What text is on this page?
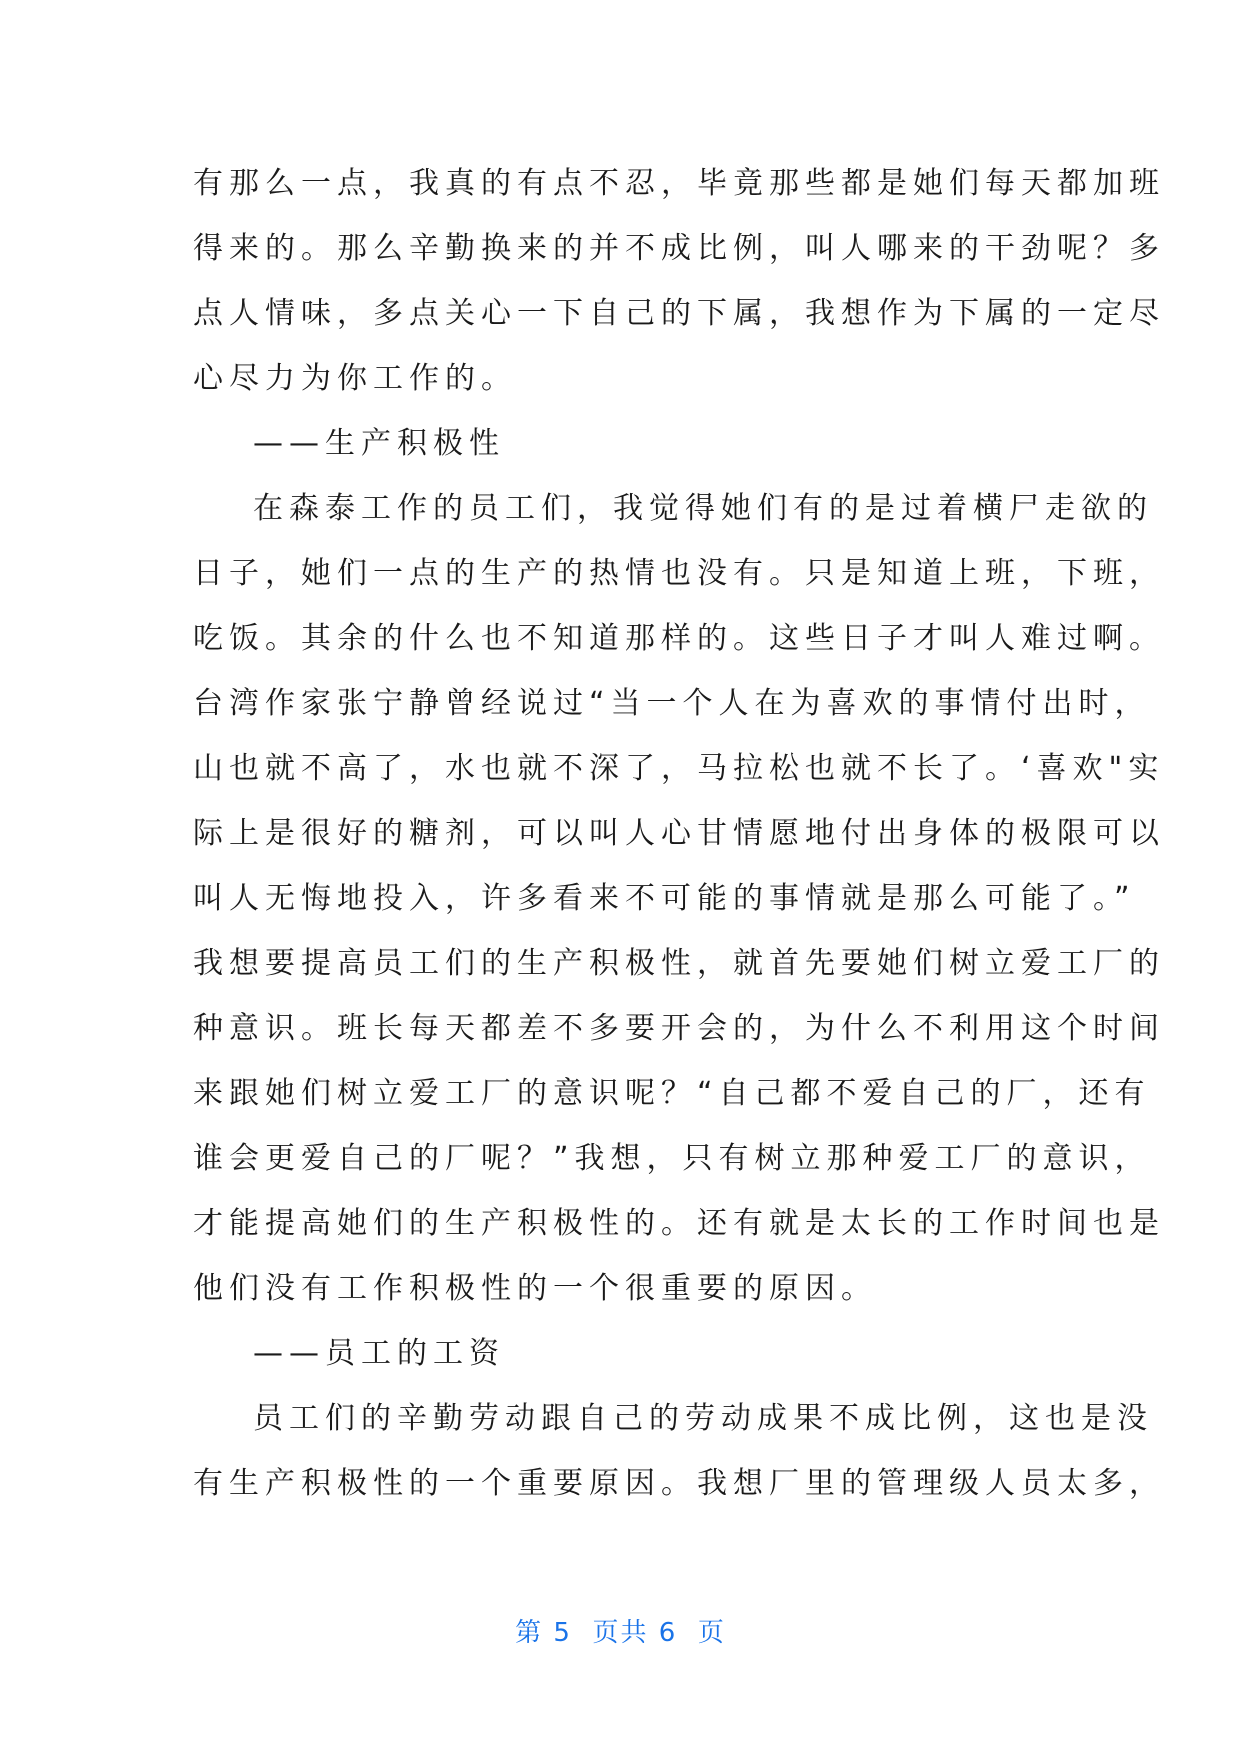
有那么一点，我真的有点不忍，毕竟那些都是她们每天都加班
得来的。那么辛勤换来的并不成比例，叫人哪来的干劲呢？多
点人情味，多点关心一下自己的下属，我想作为下属的一定尽
心尽力为你工作的。
——生产积极性
在森泰工作的员工们，我觉得她们有的是过着横尸走欲的
日子，她们一点的生产的热情也没有。只是知道上班，下班，
吃饭。其余的什么也不知道那样的。这些日子才叫人难过啊。
台湾作家张宁静曾经说过“当一个人在为喜欢的事情付出时，
山也就不高了，水也就不深了，马拉松也就不长了。‘喜欢"实
际上是很好的糖剂，可以叫人心甘情愿地付出身体的极限可以
叫人无悔地投入，许多看来不可能的事情就是那么可能了。”
我想要提高员工们的生产积极性，就首先要她们树立爱工厂的
种意识。班长每天都差不多要开会的，为什么不利用这个时间
来跟她们树立爱工厂的意识呢？“自己都不爱自己的厂，还有
谁会更爱自己的厂呢？”我想，只有树立那种爱工厂的意识，
才能提高她们的生产积极性的。还有就是太长的工作时间也是
他们没有工作积极性的一个很重要的原因。
——员工的工资
员工们的辛勤劳动跟自己的劳动成果不成比例，这也是没
有生产积极性的一个重要原因。我想厂里的管理级人员太多，
第 5  页共 6  页
